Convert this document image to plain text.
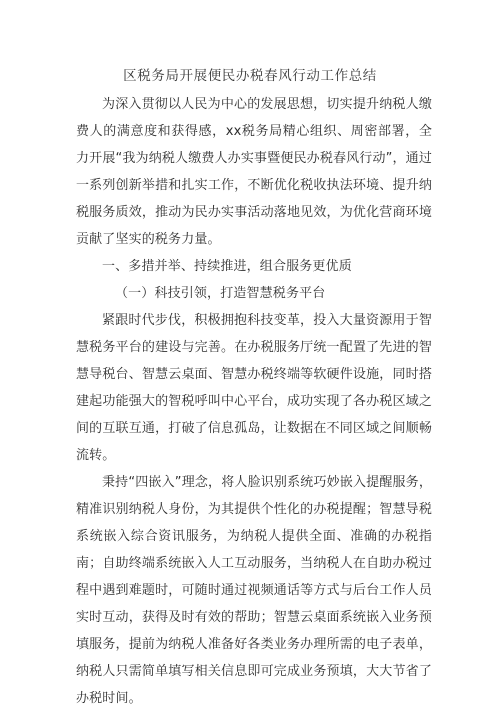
区税务局开展便民办税春风行动工作总结

为深入贯彻以人民为中心的发展思想，切实提升纳税人缴费人的满意度和获得感，xx税务局精心组织、周密部署，全力开展“我为纳税人缴费人办实事暨便民办税春风行动”，通过一系列创新举措和扎实工作，不断优化税收执法环境、提升纳税服务质效，推动为民办实事活动落地见效，为优化营商环境贡献了坚实的税务力量。

一、多措并举、持续推进，组合服务更优质

（一）科技引领，打造智慧税务平台

紧跟时代步伐，积极拥抱科技变革，投入大量资源用于智慧税务平台的建设与完善。在办税服务厅统一配置了先进的智慧导税台、智慧云桌面、智慧办税终端等软硬件设施，同时搭建起功能强大的智税呼叫中心平台，成功实现了各办税区域之间的互联互通，打破了信息孤岛，让数据在不同区域之间顺畅流转。

秉持“四嵌入”理念，将人脸识别系统巧妙嵌入提醒服务，精准识别纳税人身份，为其提供个性化的办税提醒；智慧导税系统嵌入综合资讯服务，为纳税人提供全面、准确的办税指南；自助终端系统嵌入人工互动服务，当纳税人在自助办税过程中遇到难题时，可随时通过视频通话等方式与后台工作人员实时互动，获得及时有效的帮助；智慧云桌面系统嵌入业务预填服务，提前为纳税人准备好各类业务办理所需的电子表单，纳税人只需简单填写相关信息即可完成业务预填，大大节省了办税时间。
